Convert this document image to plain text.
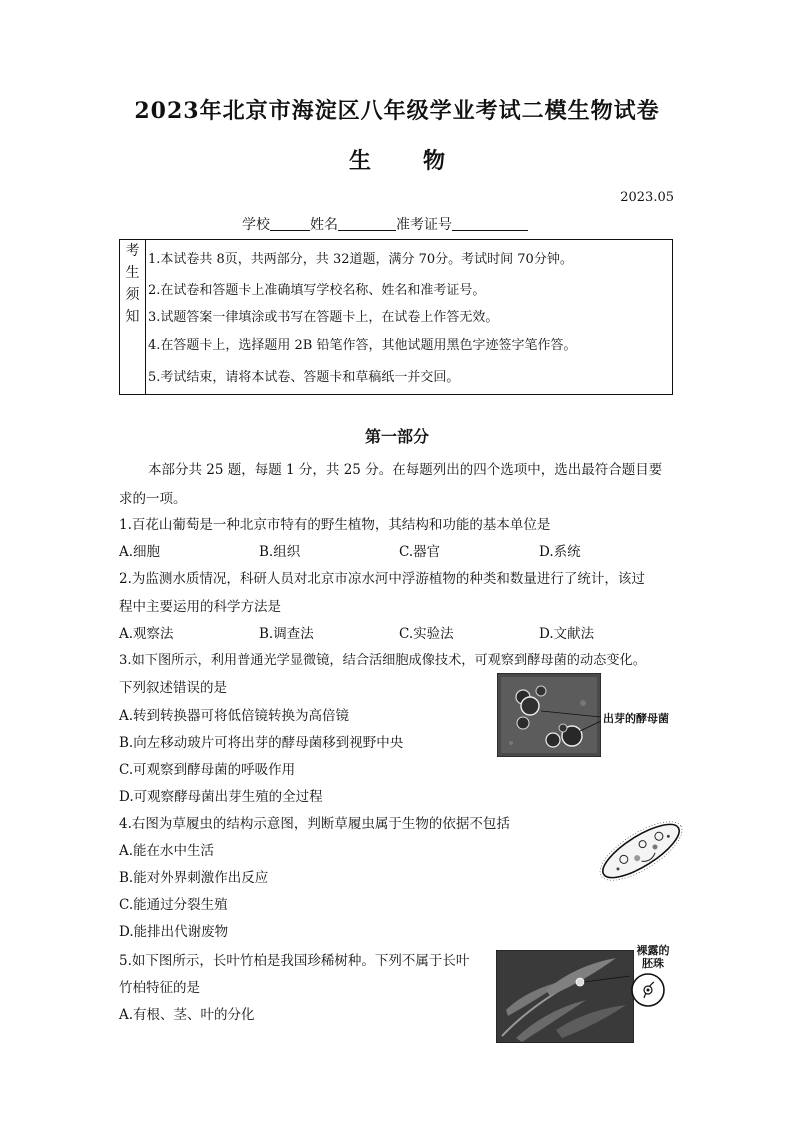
2023年北京市海淀区八年级学业考试二模生物试卷
生 物
2023.05
学校	姓名	准考证号
考
生
须
知
1.本试卷共 8页，共两部分，共 32道题，满分 70分。考试时间 70分钟。
2.在试卷和答题卡上准确填写学校名称、姓名和准考证号。
3.试题答案一律填涂或书写在答题卡上，在试卷上作答无效。
4.在答题卡上，选择题用 2B 铅笔作答，其他试题用黑色字迹签字笔作答。
5.考试结束，请将本试卷、答题卡和草稿纸一并交回。
第一部分
本部分共 25 题，每题 1 分，共 25 分。在每题列出的四个选项中，选出最符合题目要
求的一项。
1.百花山葡萄是一种北京市特有的野生植物，其结构和功能的基本单位是
A.细胞	B.组织	C.器官	D.系统
2.为监测水质情况，科研人员对北京市凉水河中浮游植物的种类和数量进行了统计，该过
程中主要运用的科学方法是
A.观察法	B.调查法	C.实验法	D.文献法
3.如下图所示，利用普通光学显微镜，结合活细胞成像技术，可观察到酵母菌的动态变化。
下列叙述错误的是
A.转到转换器可将低倍镜转换为高倍镜
B.向左移动玻片可将出芽的酵母菌移到视野中央
C.可观察到酵母菌的呼吸作用
D.可观察酵母菌出芽生殖的全过程
出芽的酵母菌
4.右图为草履虫的结构示意图，判断草履虫属于生物的依据不包括
A.能在水中生活
B.能对外界刺激作出反应
C.能通过分裂生殖
D.能排出代谢废物
5.如下图所示，长叶竹柏是我国珍稀树种。下列不属于长叶
竹柏特征的是
A.有根、茎、叶的分化
裸露的
胚珠
